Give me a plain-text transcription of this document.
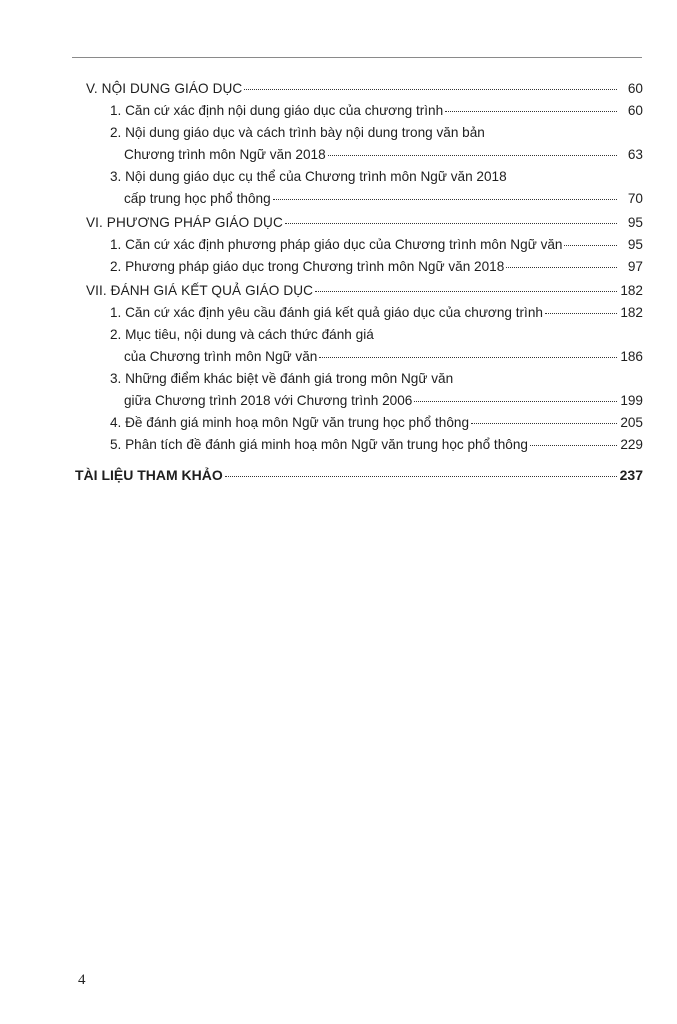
V. NỘI DUNG GIÁO DỤC	60
1. Căn cứ xác định nội dung giáo dục của chương trình	60
2. Nội dung giáo dục và cách trình bày nội dung trong văn bản
Chương trình môn Ngữ văn 2018	63
3. Nội dung giáo dục cụ thể của Chương trình môn Ngữ văn 2018
cấp trung học phổ thông	70
VI. PHƯƠNG PHÁP GIÁO DỤC	95
1. Căn cứ xác định phương pháp giáo dục của Chương trình môn Ngữ văn	95
2. Phương pháp giáo dục trong Chương trình môn Ngữ văn 2018	97
VII. ĐÁNH GIÁ KẾT QUẢ GIÁO DỤC	182
1. Căn cứ xác định yêu cầu đánh giá kết quả giáo dục của chương trình	182
2. Mục tiêu, nội dung và cách thức đánh giá
của Chương trình môn Ngữ văn	186
3. Những điểm khác biệt về đánh giá trong môn Ngữ văn
giữa Chương trình 2018 với Chương trình 2006	199
4. Đề đánh giá minh hoạ môn Ngữ văn trung học phổ thông	205
5. Phân tích đề đánh giá minh hoạ môn Ngữ văn trung học phổ thông	229
TÀI LIỆU THAM KHẢO	237
4
